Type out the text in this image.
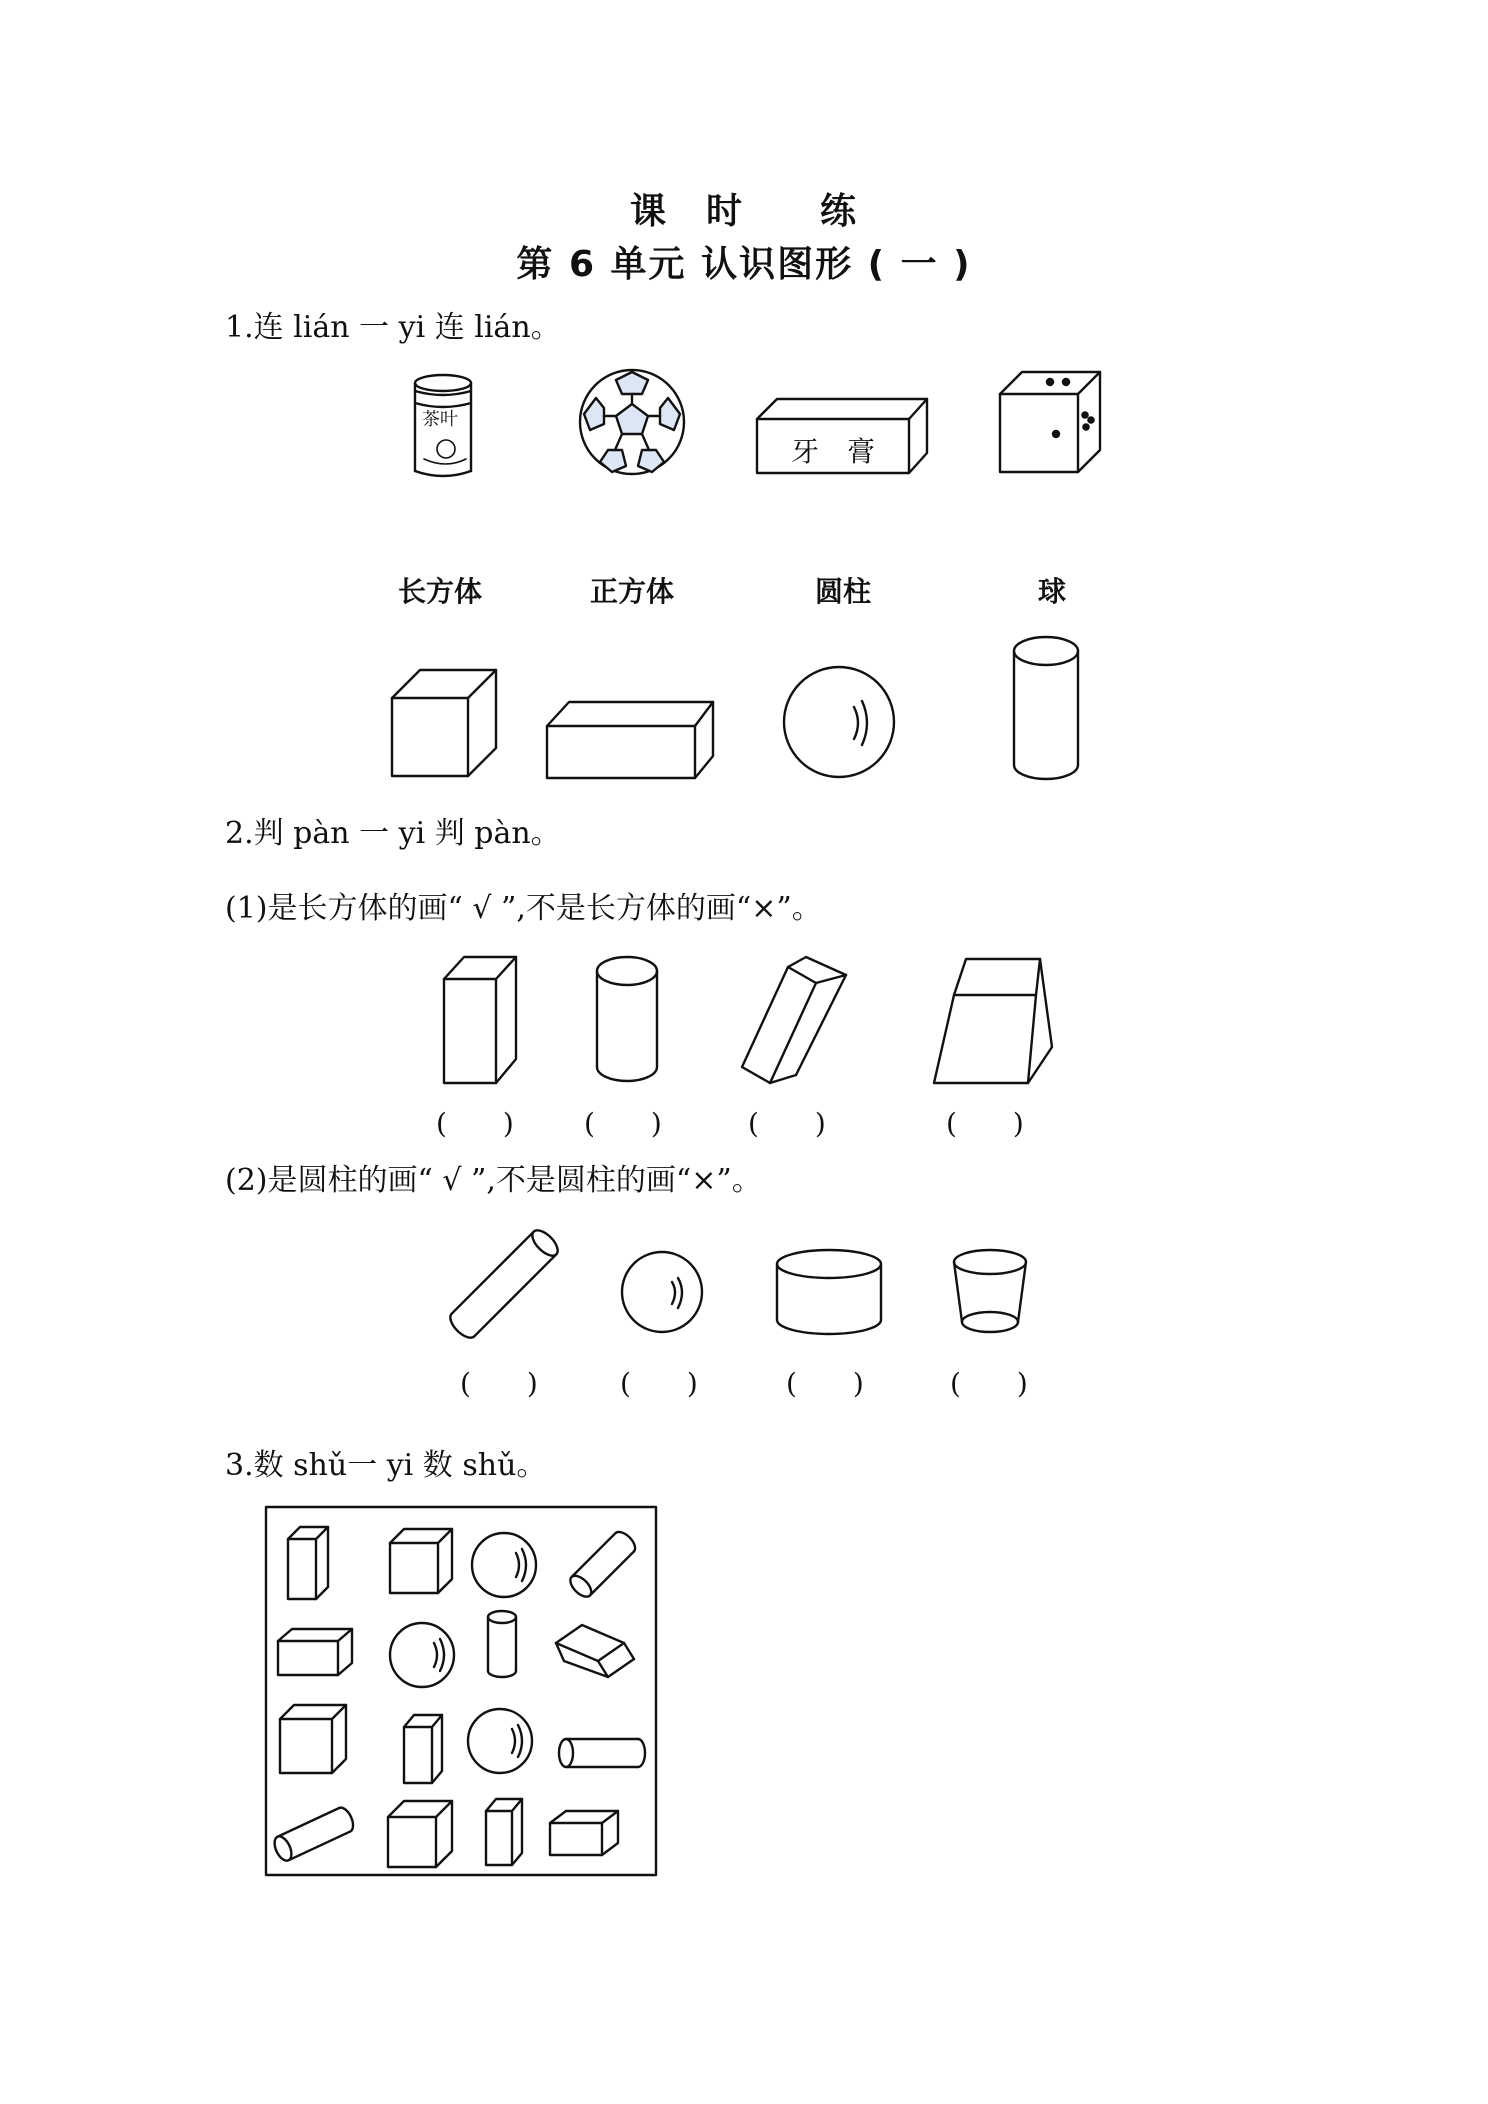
课　时　　练
第 6 单元 认识图形 ( 一 )
1.连 lián 一 yi 连 lián。
茶叶
牙　膏
长方体	正方体	圆柱	球
2.判 pàn 一 yi 判 pàn。
(1)是长方体的画“ √ ”,不是长方体的画“×”。
(　　)	(　　)	(　　)	(　　)
(2)是圆柱的画“ √ ”,不是圆柱的画“×”。
(　　)	(　　)	(　　)	(　　)
3.数 shǔ一 yi 数 shǔ。
